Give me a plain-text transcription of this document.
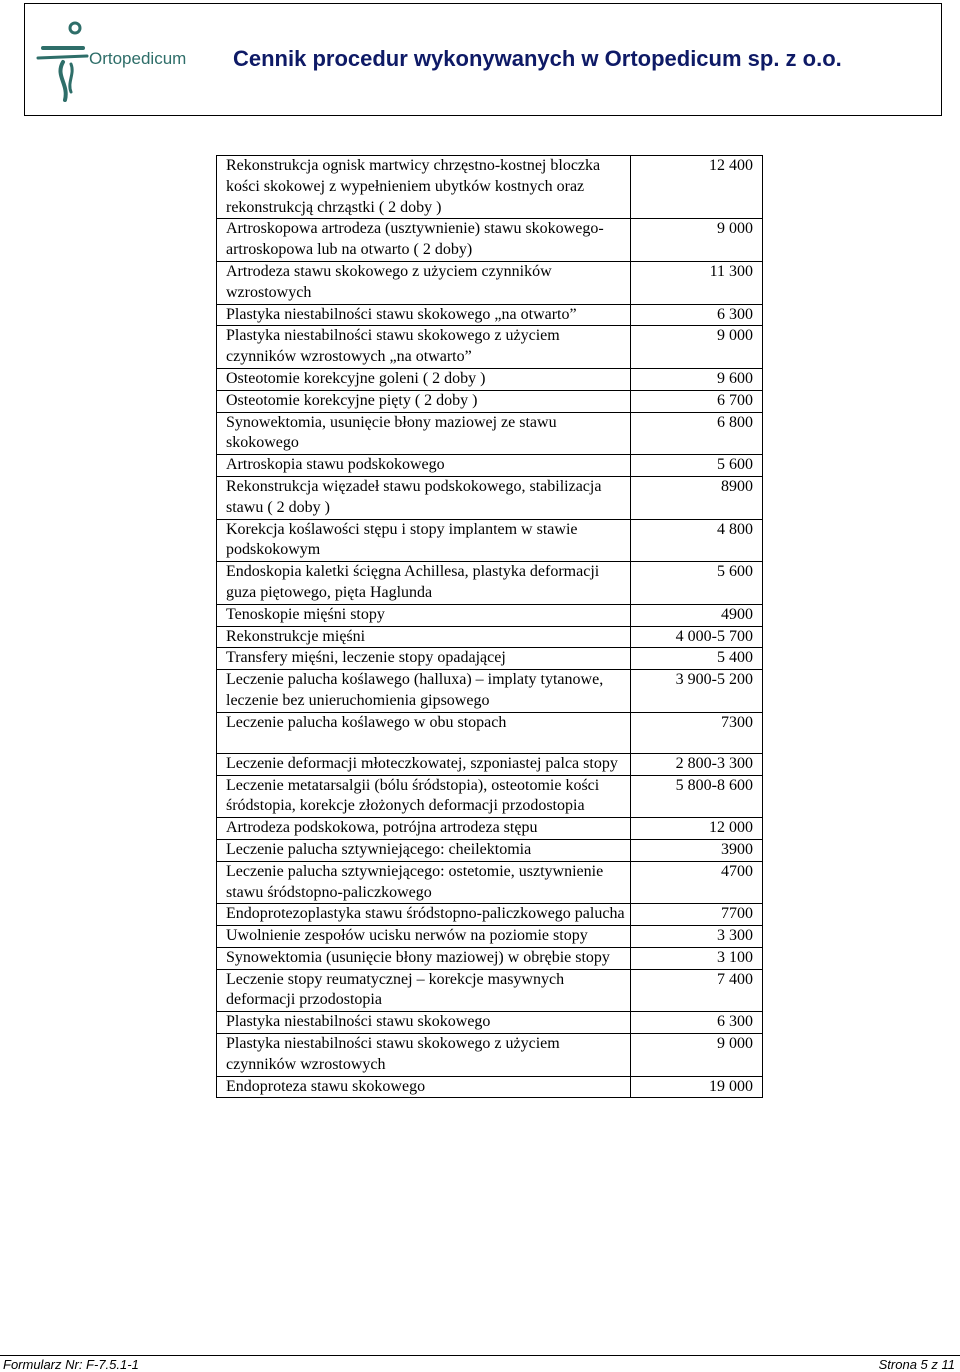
Ortopedicum Cennik procedur wykonywanych w Ortopedicum sp. z o.o.
Rekonstrukcja ognisk martwicy chrzęstno-kostnej bloczka kości skokowej z wypełnieniem ubytków kostnych oraz rekonstrukcją chrząstki ( 2 doby )	12 400
Artroskopowa artrodeza (usztywnienie) stawu skokowego- artroskopowa lub na otwarto ( 2 doby)	9 000
Artrodeza stawu skokowego z użyciem czynników wzrostowych	11 300
Plastyka niestabilności stawu skokowego „na otwarto”	6 300
Plastyka niestabilności stawu skokowego z użyciem czynników wzrostowych „na otwarto”	9 000
Osteotomie korekcyjne goleni ( 2 doby )	9 600
Osteotomie korekcyjne pięty ( 2 doby )	6 700
Synowektomia, usunięcie błony maziowej ze stawu skokowego	6 800
Artroskopia stawu podskokowego	5 600
Rekonstrukcja więzadeł stawu podskokowego, stabilizacja stawu ( 2 doby )	8900
Korekcja koślawości stępu i stopy implantem w stawie podskokowym	4 800
Endoskopia kaletki ścięgna Achillesa, plastyka deformacji guza piętowego, pięta Haglunda	5 600
Tenoskopie mięśni stopy	4900
Rekonstrukcje mięśni	4 000-5 700
Transfery mięśni, leczenie stopy opadającej	5 400
Leczenie palucha koślawego (halluxa) – implaty tytanowe, leczenie bez unieruchomienia gipsowego	3 900-5 200
Leczenie palucha koślawego w obu stopach	7300
Leczenie deformacji młoteczkowatej, szponiastej palca stopy	2 800-3 300
Leczenie metatarsalgii (bólu śródstopia), osteotomie kości śródstopia, korekcje złożonych deformacji przodostopia	5 800-8 600
Artrodeza podskokowa, potrójna artrodeza stępu	12 000
Leczenie palucha sztywniejącego: cheilektomia	3900
Leczenie palucha sztywniejącego: ostetomie, usztywnienie stawu śródstopno-paliczkowego	4700
Endoprotezoplastyka stawu śródstopno-paliczkowego palucha	7700
Uwolnienie zespołów ucisku nerwów na poziomie stopy	3 300
Synowektomia (usunięcie błony maziowej) w obrębie stopy	3 100
Leczenie stopy reumatycznej – korekcje masywnych deformacji przodostopia	7 400
Plastyka niestabilności stawu skokowego	6 300
Plastyka niestabilności stawu skokowego z użyciem czynników wzrostowych	9 000
Endoproteza stawu skokowego	19 000
Formularz Nr: F-7.5.1-1	Strona 5 z 11
